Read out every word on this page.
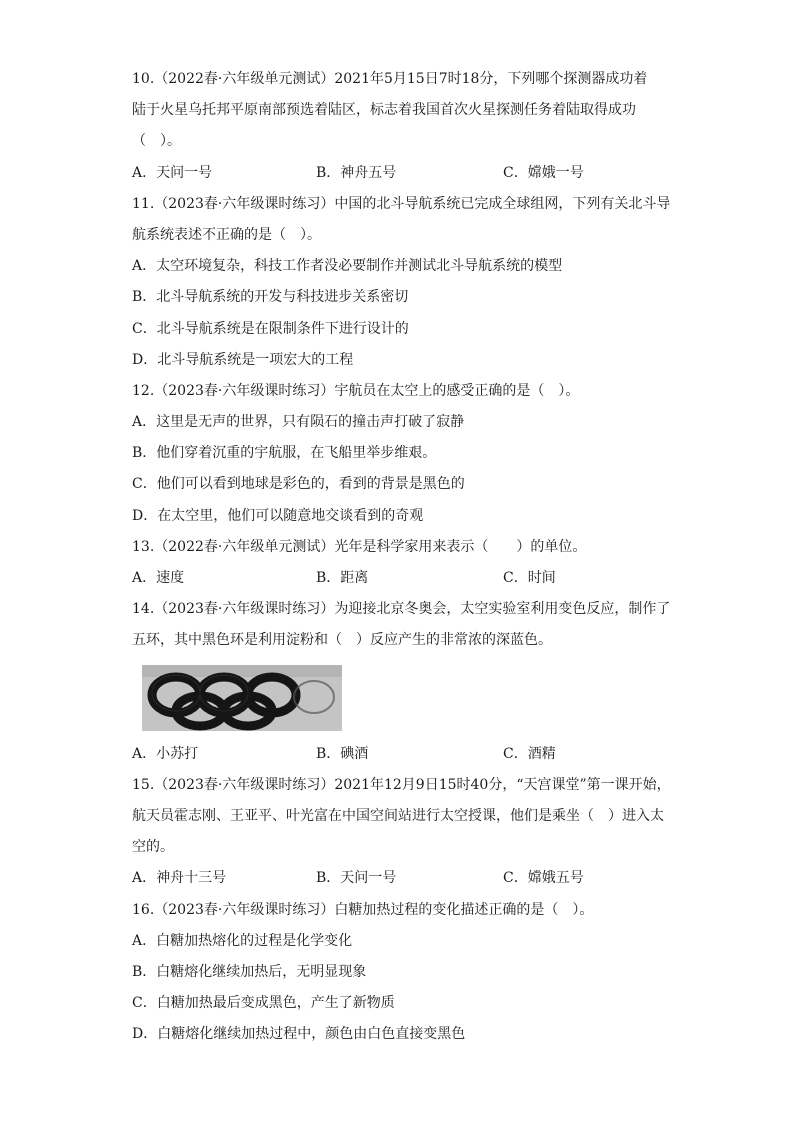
10.（2022春·六年级单元测试）2021年5月15日7时18分，下列哪个探测器成功着
陆于火星乌托邦平原南部预选着陆区，标志着我国首次火星探测任务着陆取得成功
（　）。
A．天问一号	B．神舟五号	C．嫦娥一号
11.（2023春·六年级课时练习）中国的北斗导航系统已完成全球组网，下列有关北斗导
航系统表述不正确的是（　）。
A．太空环境复杂，科技工作者没必要制作并测试北斗导航系统的模型
B．北斗导航系统的开发与科技进步关系密切
C．北斗导航系统是在限制条件下进行设计的
D．北斗导航系统是一项宏大的工程
12.（2023春·六年级课时练习）宇航员在太空上的感受正确的是（　）。
A．这里是无声的世界，只有陨石的撞击声打破了寂静
B．他们穿着沉重的宇航服，在飞船里举步维艰。
C．他们可以看到地球是彩色的，看到的背景是黑色的
D．在太空里，他们可以随意地交谈看到的奇观
13.（2022春·六年级单元测试）光年是科学家用来表示（　　）的单位。
A．速度	B．距离	C．时间
14.（2023春·六年级课时练习）为迎接北京冬奥会，太空实验室利用变色反应，制作了
五环，其中黑色环是利用淀粉和（　）反应产生的非常浓的深蓝色。
A．小苏打	B．碘酒	C．酒精
15.（2023春·六年级课时练习）2021年12月9日15时40分，“天宫课堂”第一课开始，
航天员霍志刚、王亚平、叶光富在中国空间站进行太空授课，他们是乘坐（　）进入太
空的。
A．神舟十三号	B．天问一号	C．嫦娥五号
16.（2023春·六年级课时练习）白糖加热过程的变化描述正确的是（　）。
A．白糖加热熔化的过程是化学变化
B．白糖熔化继续加热后，无明显现象
C．白糖加热最后变成黑色，产生了新物质
D．白糖熔化继续加热过程中，颜色由白色直接变黑色
